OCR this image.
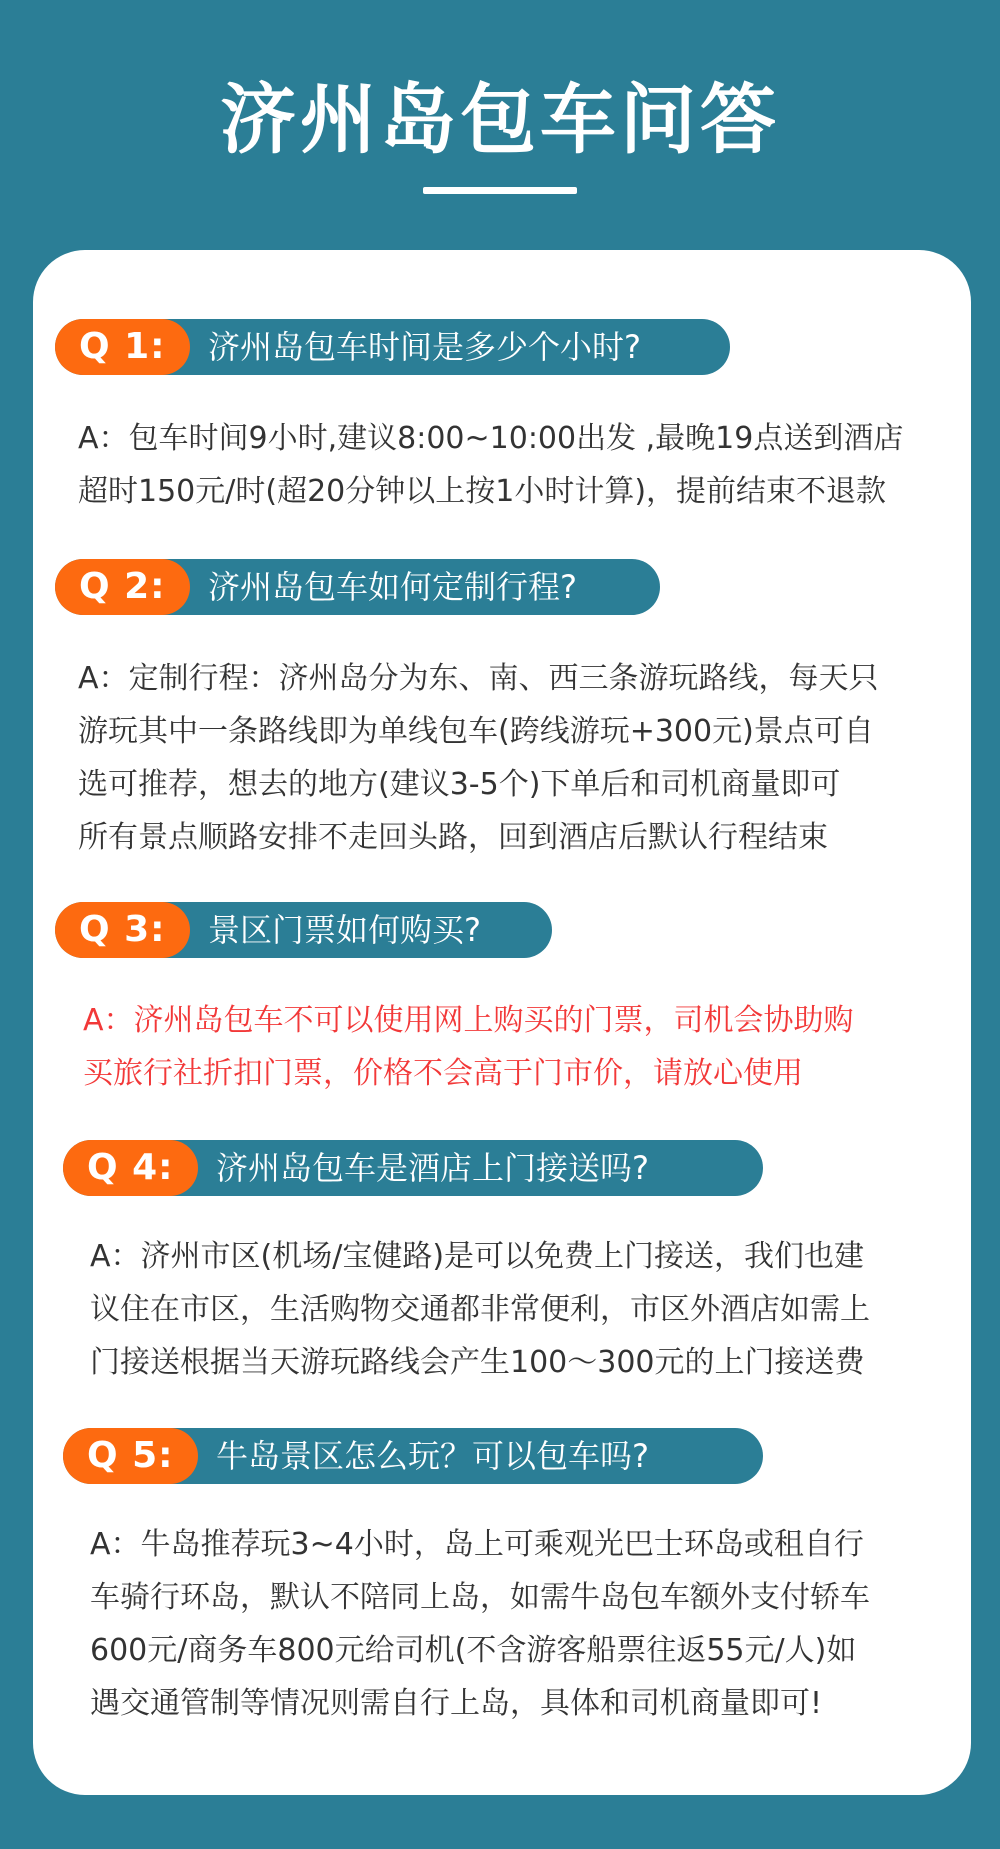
济州岛包车问答
Q 1:	济州岛包车时间是多少个小时?
A：包车时间9小时,建议8:00~10:00出发 ,最晚19点送到酒店
超时150元/时(超20分钟以上按1小时计算)，提前结束不退款
Q 2:	济州岛包车如何定制行程?
A：定制行程：济州岛分为东、南、西三条游玩路线，每天只
游玩其中一条路线即为单线包车(跨线游玩+300元)景点可自
选可推荐，想去的地方(建议3-5个)下单后和司机商量即可
所有景点顺路安排不走回头路，回到酒店后默认行程结束
Q 3:	景区门票如何购买?
A：济州岛包车不可以使用网上购买的门票，司机会协助购
买旅行社折扣门票，价格不会高于门市价，请放心使用
Q 4:	济州岛包车是酒店上门接送吗?
A：济州市区(机场/宝健路)是可以免费上门接送，我们也建
议住在市区，生活购物交通都非常便利，市区外酒店如需上
门接送根据当天游玩路线会产生100～300元的上门接送费
Q 5:	牛岛景区怎么玩？可以包车吗?
A：牛岛推荐玩3~4小时，岛上可乘观光巴士环岛或租自行
车骑行环岛，默认不陪同上岛，如需牛岛包车额外支付轿车
600元/商务车800元给司机(不含游客船票往返55元/人)如
遇交通管制等情况则需自行上岛，具体和司机商量即可!
